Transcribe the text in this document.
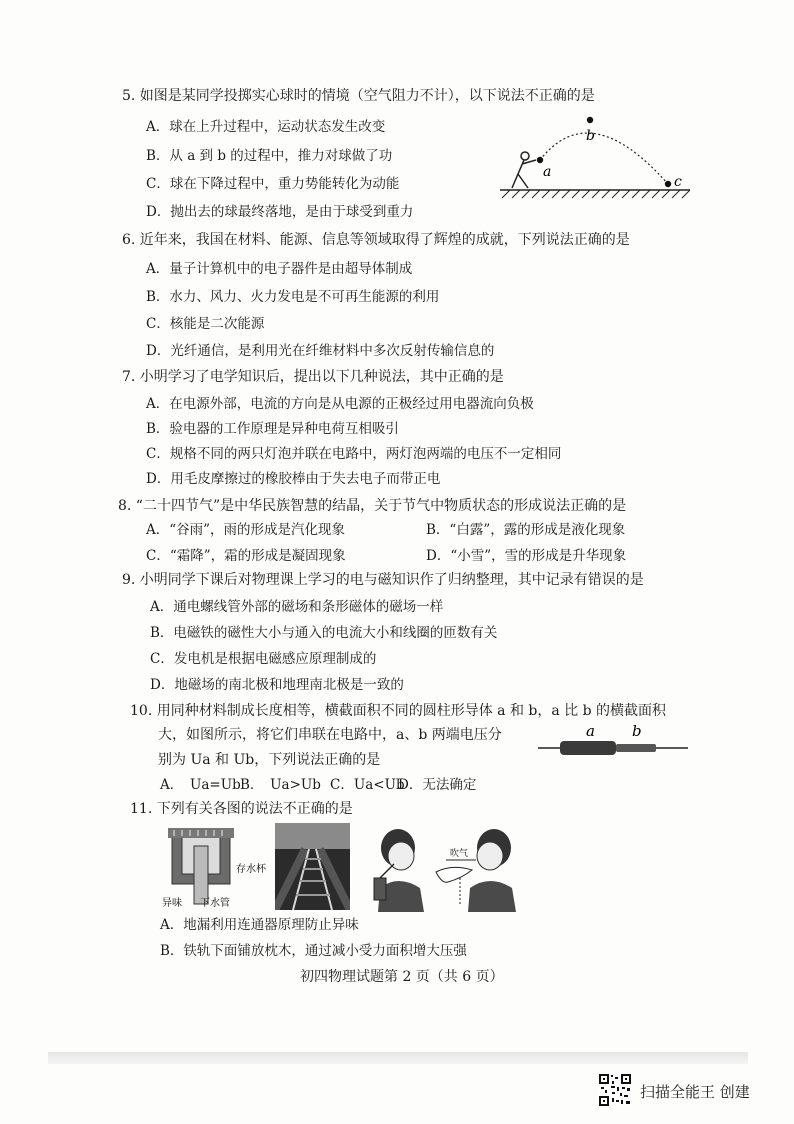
5. 如图是某同学投掷实心球时的情境（空气阻力不计），以下说法不正确的是
A．球在上升过程中，运动状态发生改变
B．从 a 到 b 的过程中，推力对球做了功
C．球在下降过程中，重力势能转化为动能
D．抛出去的球最终落地，是由于球受到重力
a
b
c
6. 近年来，我国在材料、能源、信息等领域取得了辉煌的成就，下列说法正确的是
A．量子计算机中的电子器件是由超导体制成
B．水力、风力、火力发电是不可再生能源的利用
C．核能是二次能源
D．光纤通信，是利用光在纤维材料中多次反射传输信息的
7. 小明学习了电学知识后，提出以下几种说法，其中正确的是
A．在电源外部，电流的方向是从电源的正极经过用电器流向负极
B．验电器的工作原理是异种电荷互相吸引
C．规格不同的两只灯泡并联在电路中，两灯泡两端的电压不一定相同
D．用毛皮摩擦过的橡胶棒由于失去电子而带正电
8. “二十四节气”是中华民族智慧的结晶，关于节气中物质状态的形成说法正确的是
A．“谷雨”，雨的形成是汽化现象	B．“白露”，露的形成是液化现象
C．“霜降”，霜的形成是凝固现象	D．“小雪”，雪的形成是升华现象
9. 小明同学下课后对物理课上学习的电与磁知识作了归纳整理，其中记录有错误的是
A．通电螺线管外部的磁场和条形磁体的磁场一样
B．电磁铁的磁性大小与通入的电流大小和线圈的匝数有关
C．发电机是根据电磁感应原理制成的
D．地磁场的南北极和地理南北极是一致的
10. 用同种材料制成长度相等，横截面积不同的圆柱形导体 a 和 b，a 比 b 的横截面积
大，如图所示，将它们串联在电路中，a、b 两端电压分
别为 Ua 和 Ub，下列说法正确的是
A．　Ua=Ub B．　Ua>Ub C．Ua<Ub
D．无法确定
a b
11. 下列有关各图的说法不正确的是
存水杯
异味 下水管
吹气
A．地漏利用连通器原理防止异味
B．铁轨下面铺放枕木，通过减小受力面积增大压强
初四物理试题第 2 页（共 6 页）
扫描全能王 创建
